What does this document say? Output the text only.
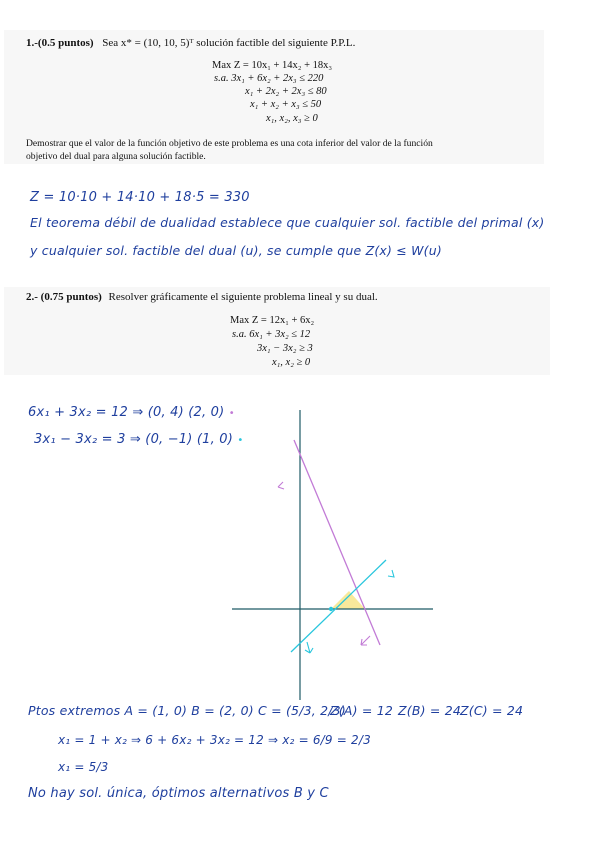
1.-(0.5 puntos) Sea x* = (10, 10, 5)ᵀ solución factible del siguiente P.P.L.
Max Z = 10x₁ + 14x₂ + 18x₃
s.a. 3x₁ + 6x₂ + 2x₃ ≤ 220
x₁ + 2x₂ + 2x₃ ≤ 80
x₁ + x₂ + x₃ ≤ 50
x₁, x₂, x₃ ≥ 0
Demostrar que el valor de la función objetivo de este problema es una cota inferior del valor de la función
objetivo del dual para alguna solución factible.
Z = 10·10 + 14·10 + 18·5 = 330
El teorema débil de dualidad establece que cualquier sol. factible del primal (x)
y cualquier sol. factible del dual (u), se cumple que Z(x) ≤ W(u)
2.- (0.75 puntos) Resolver gráficamente el siguiente problema lineal y su dual.
Max Z = 12x₁ + 6x₂
s.a. 6x₁ + 3x₂ ≤ 12
3x₁ − 3x₂ ≥ 3
x₁, x₂ ≥ 0
6x₁ + 3x₂ = 12 ⇒ (0, 4) (2, 0) •
3x₁ − 3x₂ = 3 ⇒ (0, −1) (1, 0) •
Ptos extremos A = (1, 0) B = (2, 0) C = (5/3, 2/3)
Z(A) = 12 Z(B) = 24
Z(C) = 24
x₁ = 1 + x₂ ⇒ 6 + 6x₂ + 3x₂ = 12 ⇒ x₂ = 6/9 = 2/3
x₁ = 5/3
No hay sol. única, óptimos alternativos B y C
